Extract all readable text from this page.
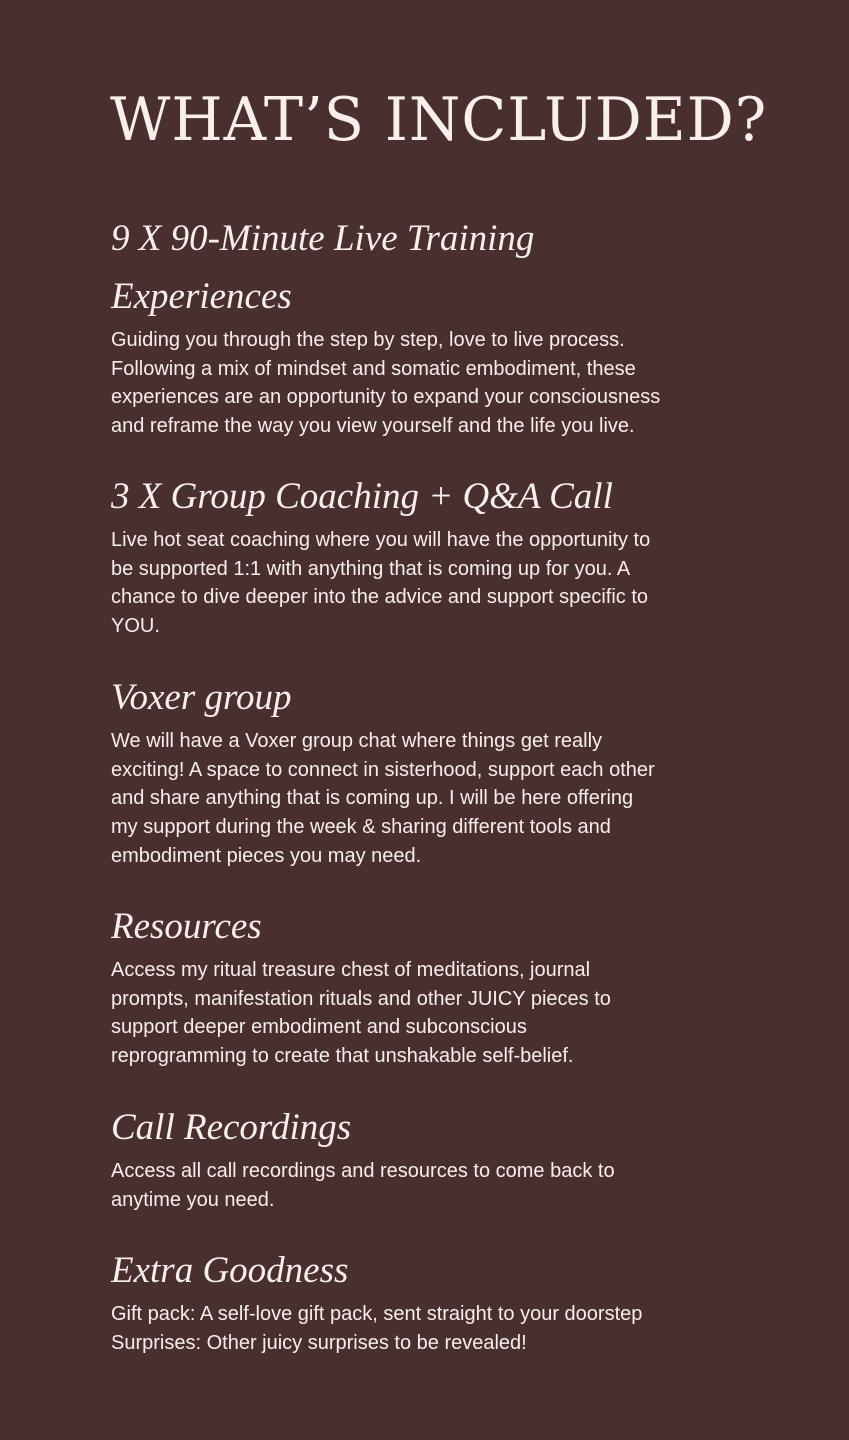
WHAT’S INCLUDED?
9 X 90-Minute Live Training
Experiences

Guiding you through the step by step, love to live process.
Following a mix of mindset and somatic embodiment, these
experiences are an opportunity to expand your consciousness
and reframe the way you view yourself and the life you live.

3 X Group Coaching + Q&A Call

Live hot seat coaching where you will have the opportunity to
be supported 1:1 with anything that is coming up for you. A
chance to dive deeper into the advice and support specific to
YOU.

Voxer group

We will have a Voxer group chat where things get really
exciting! A space to connect in sisterhood, support each other
and share anything that is coming up. I will be here offering
my support during the week & sharing different tools and
embodiment pieces you may need.

Resources

Access my ritual treasure chest of meditations, journal
prompts, manifestation rituals and other JUICY pieces to
support deeper embodiment and subconscious
reprogramming to create that unshakable self-belief.

Call Recordings

Access all call recordings and resources to come back to
anytime you need.

Extra Goodness

Gift pack: A self-love gift pack, sent straight to your doorstep
Surprises: Other juicy surprises to be revealed!
